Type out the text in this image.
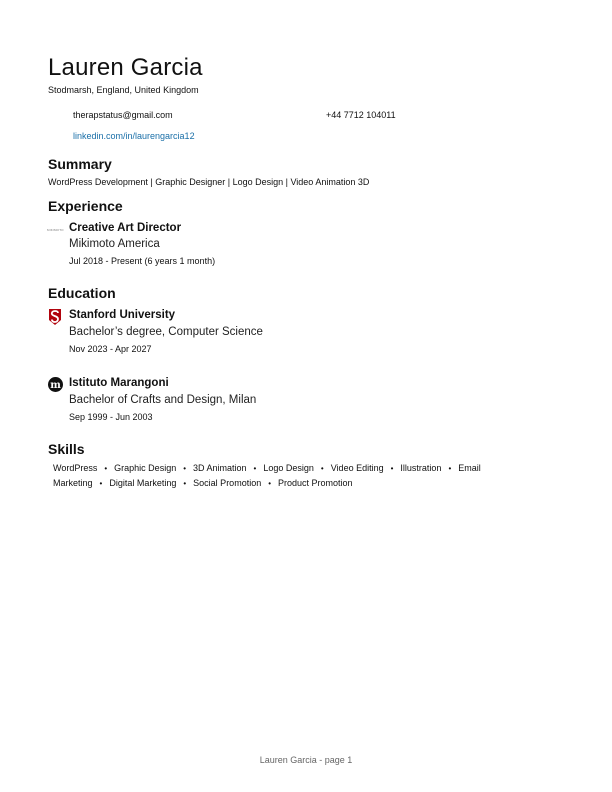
Lauren Garcia
Stodmarsh, England, United Kingdom
therapstatus@gmail.com	+44 7712 104011
linkedin.com/in/laurengarcia12
Summary
WordPress Development | Graphic Designer | Logo Design | Video Animation 3D
Experience
MIKIMOTO Creative Art Director
Mikimoto America
Jul 2018 - Present (6 years 1 month)
Education
Stanford University
Bachelor’s degree, Computer Science
Nov 2023 - Apr 2027
m Istituto Marangoni
Bachelor of Crafts and Design, Milan
Sep 1999 - Jun 2003
Skills
WordPress • Graphic Design • 3D Animation • Logo Design • Video Editing • Illustration • Email Marketing • Digital Marketing • Social Promotion • Product Promotion
Lauren Garcia - page 1
